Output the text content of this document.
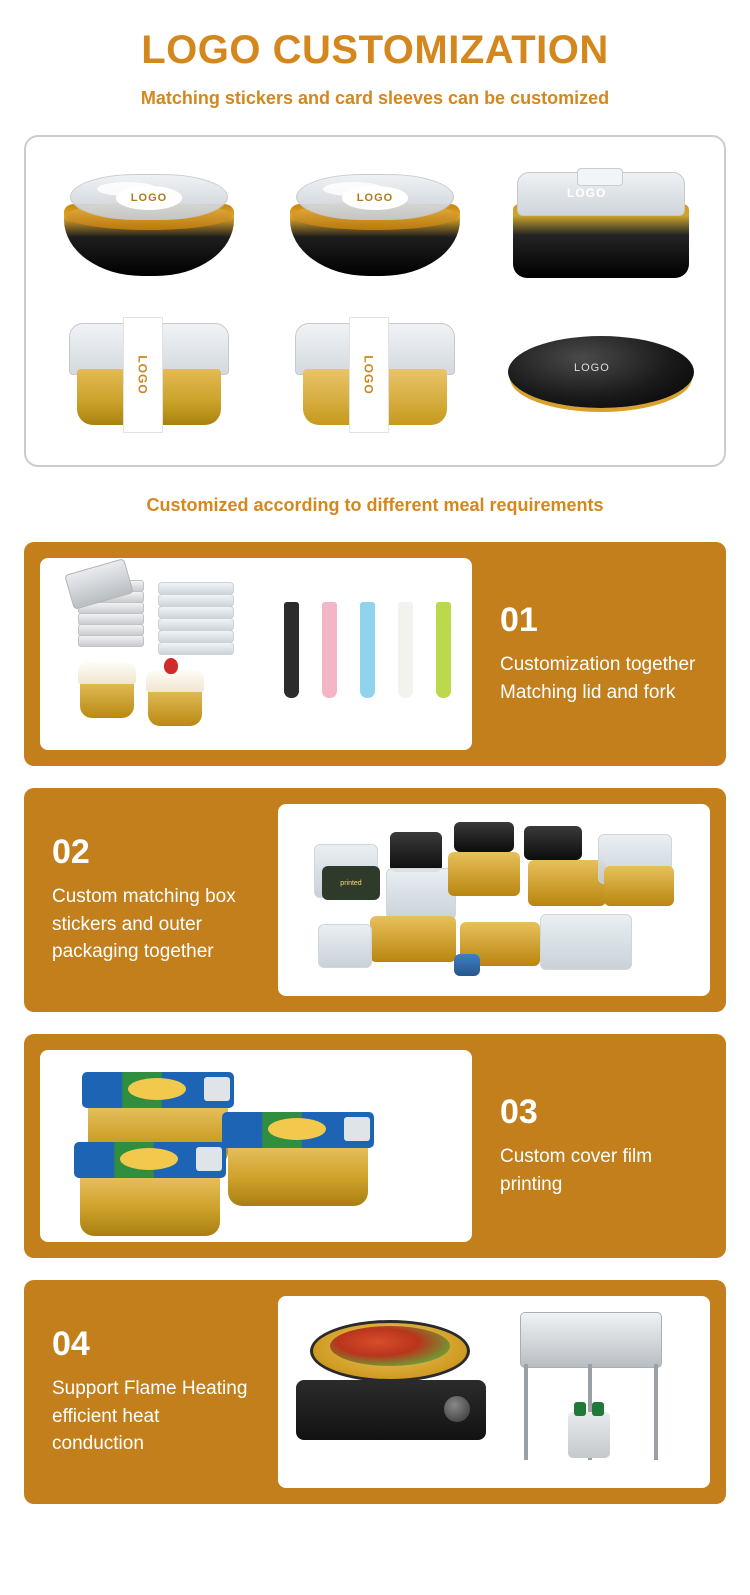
LOGO CUSTOMIZATION
Matching stickers and card sleeves can be customized
LOGO	LOGO	LOGO
LOGO	LOGO	LOGO
Customized according to different meal requirements
01
Customization together Matching lid and fork
printed
02
Custom matching box stickers and outer packaging together
03
Custom cover film printing
04
Support Flame Heating efficient heat conduction
